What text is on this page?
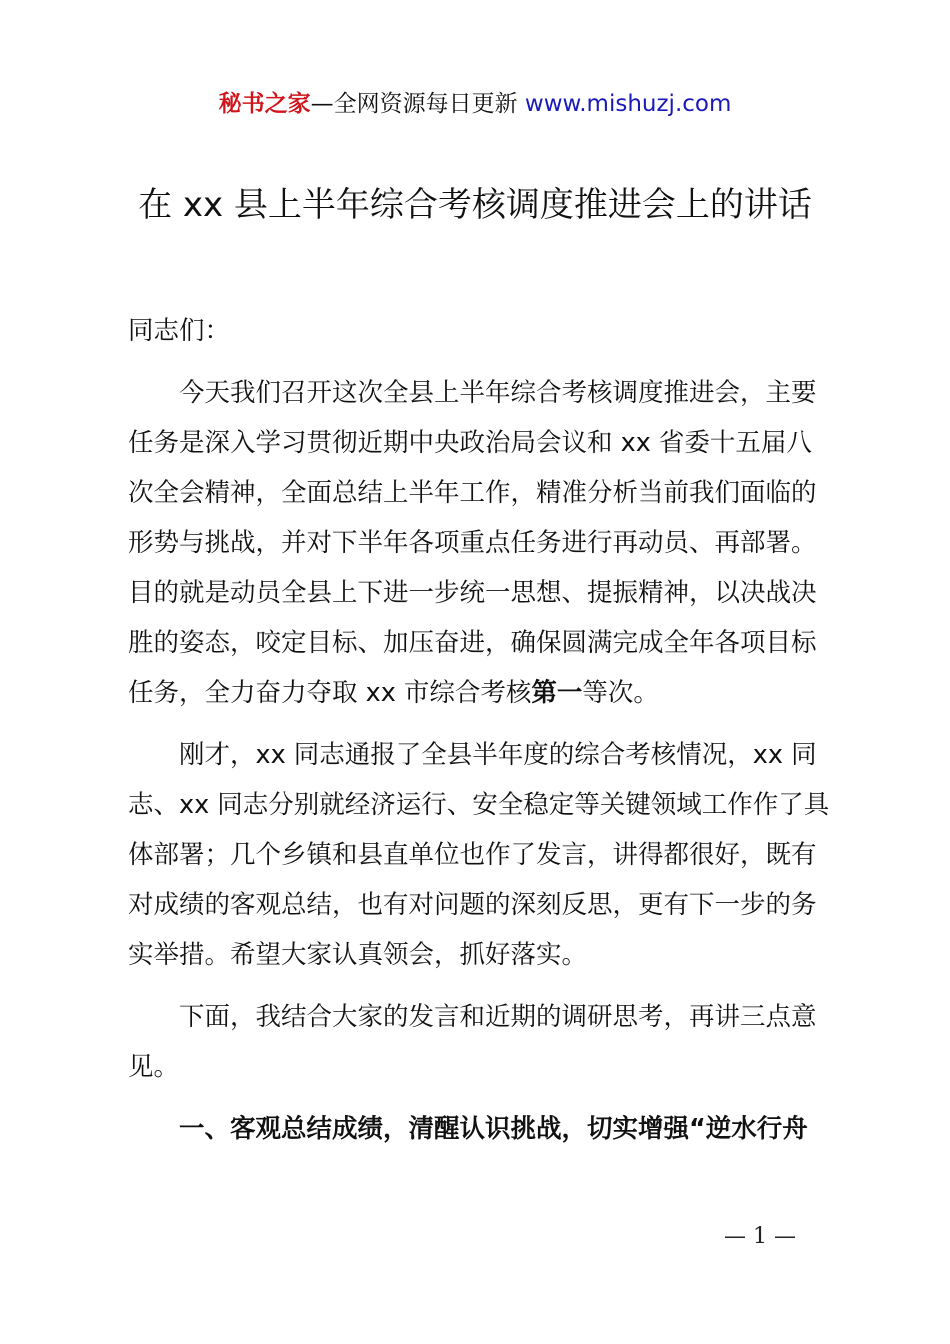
秘书之家—全网资源每日更新 www.mishuzj.com
在 xx 县上半年综合考核调度推进会上的讲话
同志们：

今天我们召开这次全县上半年综合考核调度推进会，主要任务是深入学习贯彻近期中央政治局会议和 xx 省委十五届八次全会精神，全面总结上半年工作，精准分析当前我们面临的形势与挑战，并对下半年各项重点任务进行再动员、再部署。目的就是动员全县上下进一步统一思想、提振精神，以决战决胜的姿态，咬定目标、加压奋进，确保圆满完成全年各项目标任务，全力奋力夺取 xx 市综合考核第一等次。

刚才，xx 同志通报了全县半年度的综合考核情况，xx 同志、xx 同志分别就经济运行、安全稳定等关键领域工作作了具体部署；几个乡镇和县直单位也作了发言，讲得都很好，既有对成绩的客观总结，也有对问题的深刻反思，更有下一步的务实举措。希望大家认真领会，抓好落实。

下面，我结合大家的发言和近期的调研思考，再讲三点意见。

一、客观总结成绩，清醒认识挑战，切实增强“逆水行舟

— 1 —
